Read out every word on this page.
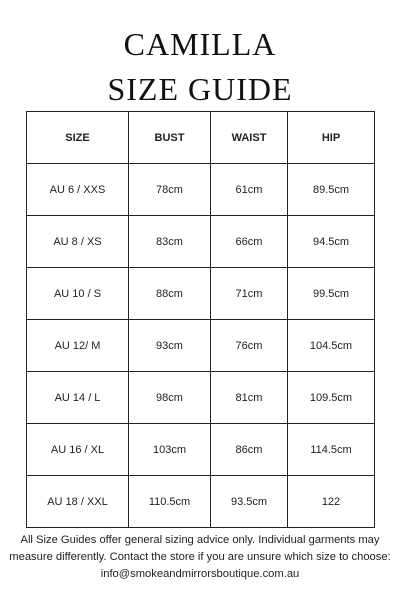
CAMILLA
SIZE GUIDE
SIZE	BUST	WAIST	HIP
AU 6 / XXS	78cm	61cm	89.5cm
AU 8 / XS	83cm	66cm	94.5cm
AU 10 / S	88cm	71cm	99.5cm
AU 12/ M	93cm	76cm	104.5cm
AU 14 / L	98cm	81cm	109.5cm
AU 16 / XL	103cm	86cm	114.5cm
AU 18 / XXL	110.5cm	93.5cm	122

All Size Guides offer general sizing advice only. Individual garments may measure differently. Contact the store if you are unsure which size to choose: info@smokeandmirrorsboutique.com.au
